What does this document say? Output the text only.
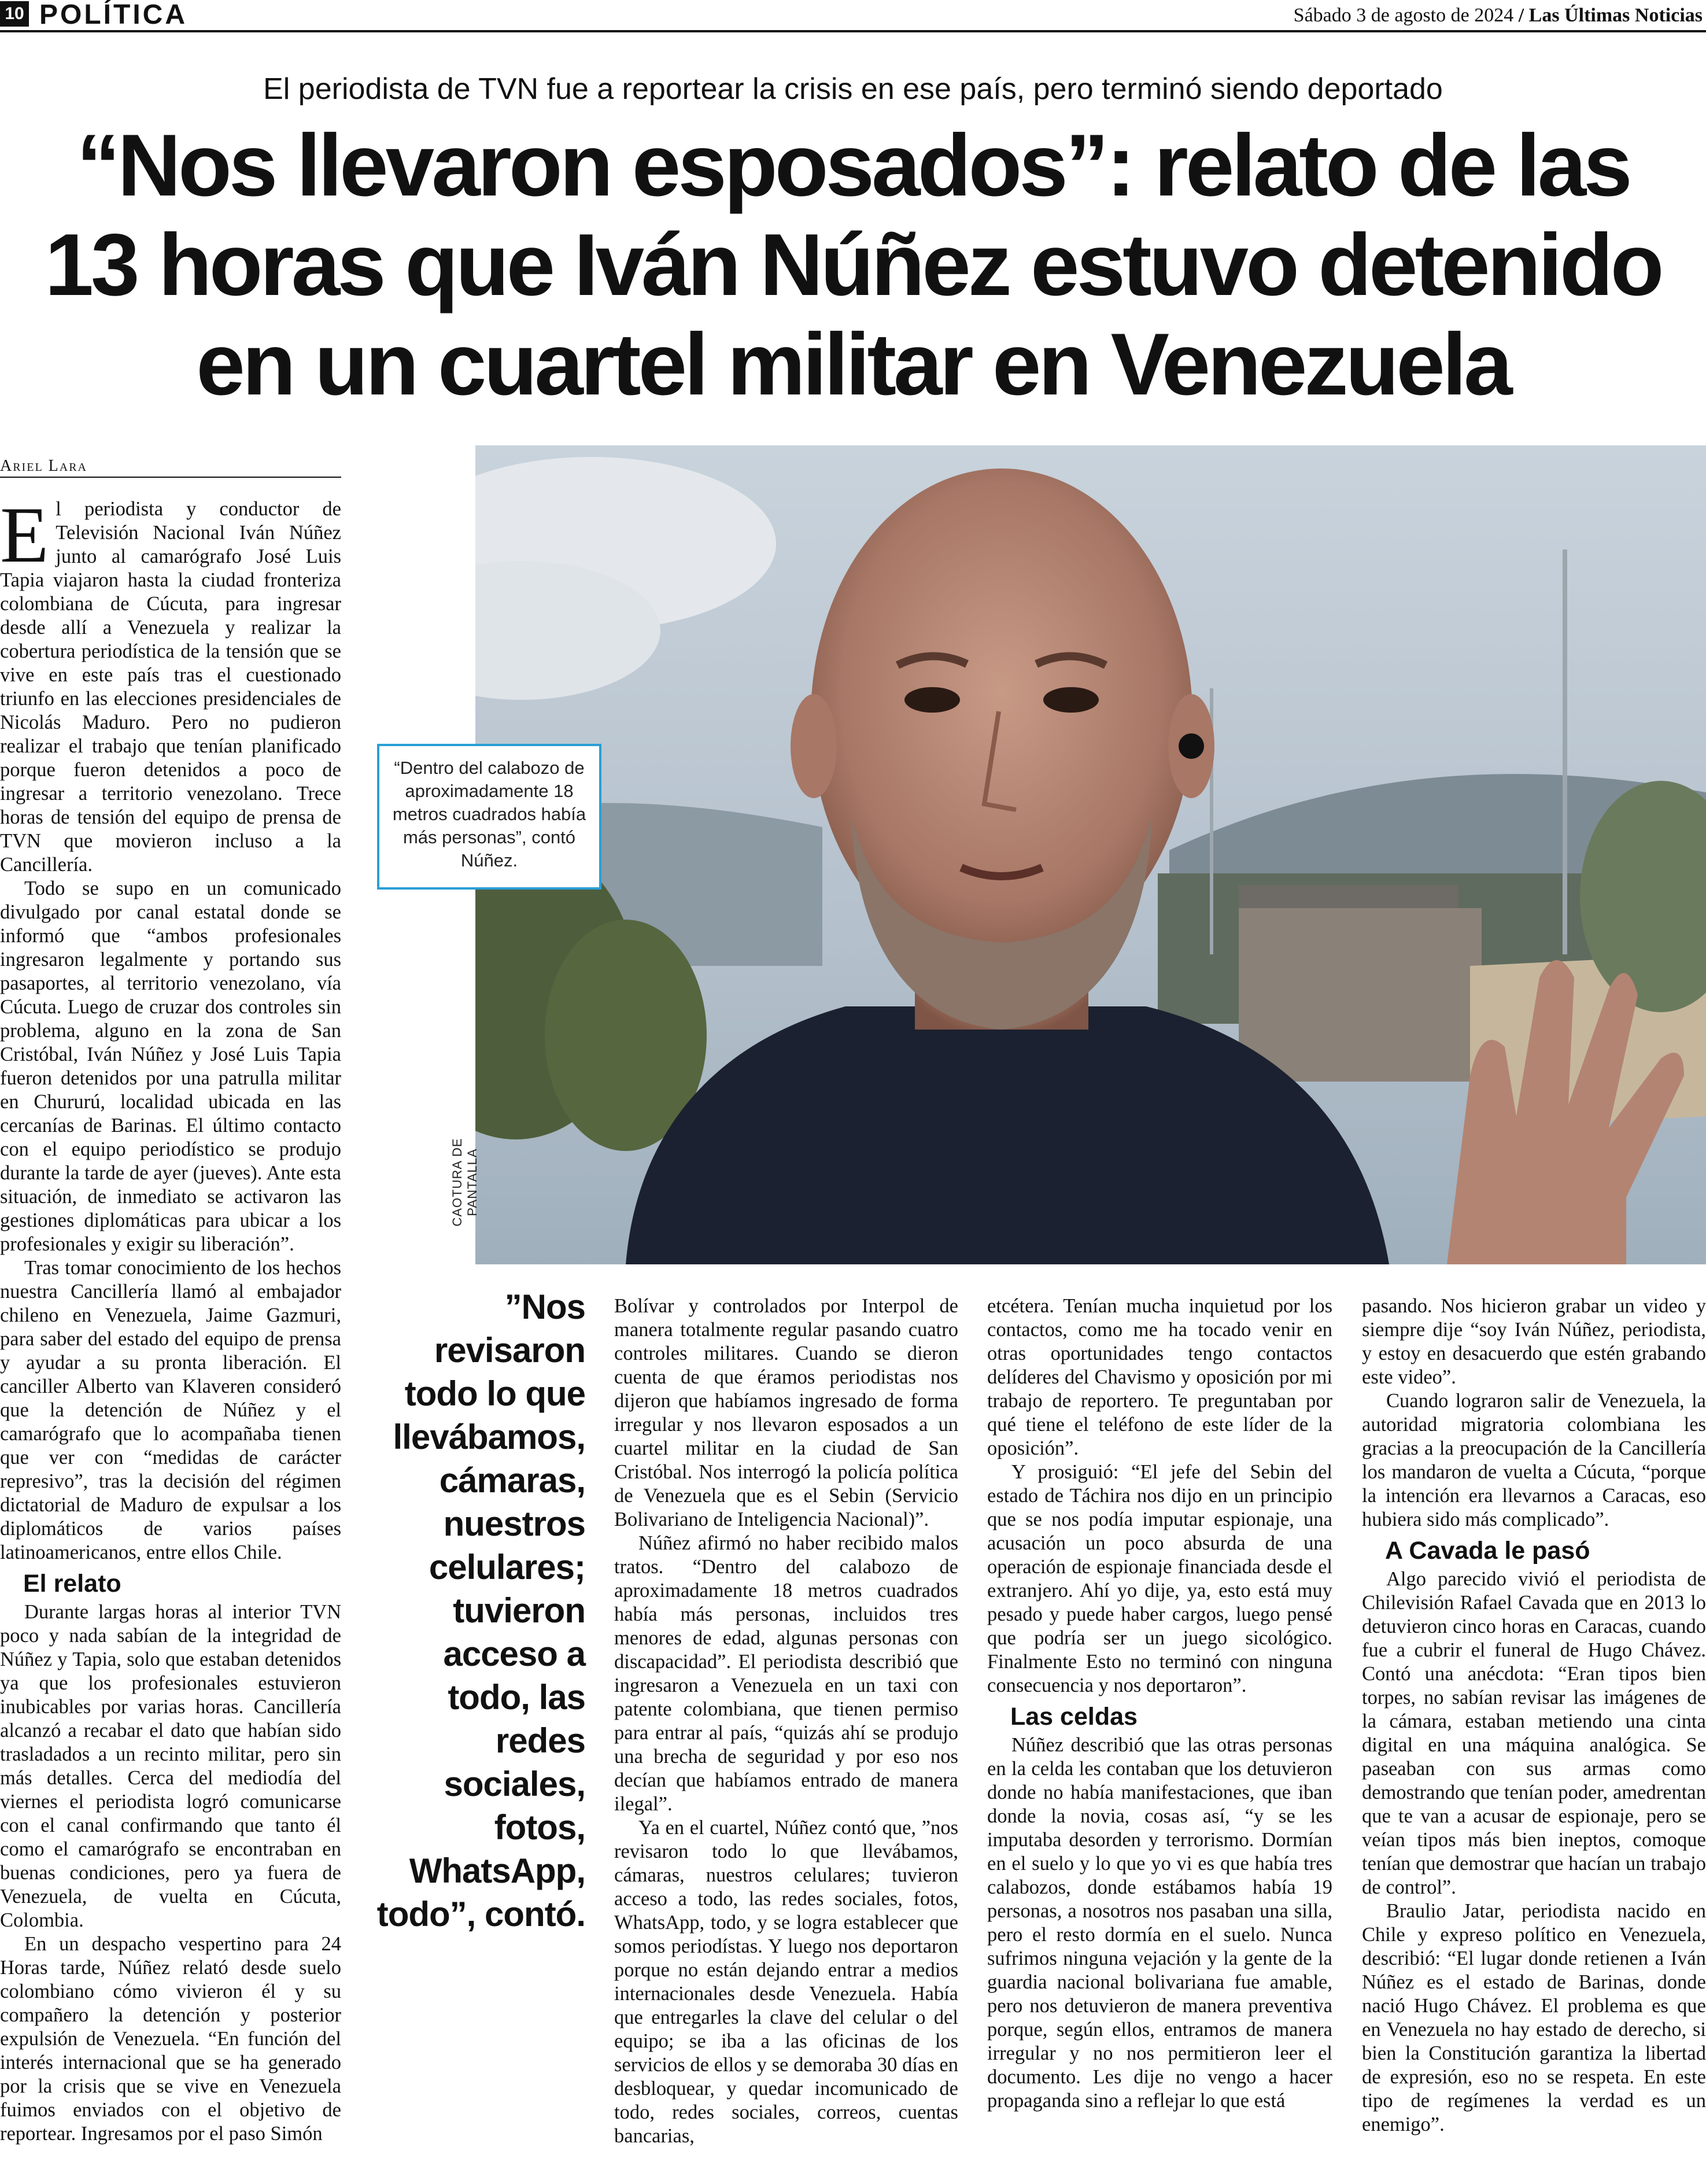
10 POLÍTICA	Sábado 3 de agosto de 2024 / Las Últimas Noticias
El periodista de TVN fue a reportear la crisis en ese país, pero terminó siendo deportado
“Nos llevaron esposados”: relato de las 13 horas que Iván Núñez estuvo detenido en un cuartel militar en Venezuela
Ariel Lara

El periodista y conductor de Televisión Nacional Iván Núñez junto al camarógrafo José Luis Tapia viajaron hasta la ciudad fronteriza colombiana de Cúcuta, para ingresar desde allí a Venezuela y realizar la cobertura periodística de la tensión que se vive en este país tras el cuestionado triunfo en las elecciones presidenciales de Nicolás Maduro. Pero no pudieron realizar el trabajo que tenían planificado porque fueron detenidos a poco de ingresar a territorio venezolano. Trece horas de tensión del equipo de prensa de TVN que movieron incluso a la Cancillería.

Todo se supo en un comunicado divulgado por canal estatal donde se informó que “ambos profesionales ingresaron legalmente y portando sus pasaportes, al territorio venezolano, vía Cúcuta. Luego de cruzar dos controles sin problema, alguno en la zona de San Cristóbal, Iván Núñez y José Luis Tapia fueron detenidos por una patrulla militar en Chururú, localidad ubicada en las cercanías de Barinas. El último contacto con el equipo periodístico se produjo durante la tarde de ayer (jueves). Ante esta situación, de inmediato se activaron las gestiones diplomáticas para ubicar a los profesionales y exigir su liberación”.

Tras tomar conocimiento de los hechos nuestra Cancillería llamó al embajador chileno en Venezuela, Jaime Gazmuri, para saber del estado del equipo de prensa y ayudar a su pronta liberación. El canciller Alberto van Klaveren consideró que la detención de Núñez y el camarógrafo que lo acompañaba tienen que ver con “medidas de carácter represivo”, tras la decisión del régimen dictatorial de Maduro de expulsar a los diplomáticos de varios países latinoamericanos, entre ellos Chile.

El relato

Durante largas horas al interior TVN poco y nada sabían de la integridad de Núñez y Tapia, solo que estaban detenidos ya que los profesionales estuvieron inubicables por varias horas. Cancillería alcanzó a recabar el dato que habían sido trasladados a un recinto militar, pero sin más detalles. Cerca del mediodía del viernes el periodista logró comunicarse con el canal confirmando que tanto él como el camarógrafo se encontraban en buenas condiciones, pero ya fuera de Venezuela, de vuelta en Cúcuta, Colombia.

En un despacho vespertino para 24 Horas tarde, Núñez relató desde suelo colombiano cómo vivieron él y su compañero la detención y posterior expulsión de Venezuela. “En función del interés internacional que se ha generado por la crisis que se vive en Venezuela fuimos enviados con el objetivo de reportear. Ingresamos por el paso Simón

CAOTURA DE PANTALLA
“Dentro del calabozo de aproximadamente 18 metros cuadrados había más personas”, contó Núñez.
”Nos revisaron todo lo que llevábamos, cámaras, nuestros celulares; tuvieron acceso a todo, las redes sociales, fotos, WhatsApp, todo”, contó.

Bolívar y controlados por Interpol de manera totalmente regular pasando cuatro controles militares. Cuando se dieron cuenta de que éramos periodistas nos dijeron que habíamos ingresado de forma irregular y nos llevaron esposados a un cuartel militar en la ciudad de San Cristóbal. Nos interrogó la policía política de Venezuela que es el Sebin (Servicio Bolivariano de Inteligencia Nacional)”.

Núñez afirmó no haber recibido malos tratos. “Dentro del calabozo de aproximadamente 18 metros cuadrados había más personas, incluidos tres menores de edad, algunas personas con discapacidad”. El periodista describió que ingresaron a Venezuela en un taxi con patente colombiana, que tienen permiso para entrar al país, “quizás ahí se produjo una brecha de seguridad y por eso nos decían que habíamos entrado de manera ilegal”.

Ya en el cuartel, Núñez contó que, ”nos revisaron todo lo que llevábamos, cámaras, nuestros celulares; tuvieron acceso a todo, las redes sociales, fotos, WhatsApp, todo, y se logra establecer que somos periodístas. Y luego nos deportaron porque no están dejando entrar a medios internacionales desde Venezuela. Había que entregarles la clave del celular o del equipo; se iba a las oficinas de los servicios de ellos y se demoraba 30 días en desbloquear, y quedar incomunicado de todo, redes sociales, correos, cuentas bancarias,

etcétera. Tenían mucha inquietud por los contactos, como me ha tocado venir en otras oportunidades tengo contactos delíderes del Chavismo y oposición por mi trabajo de reportero. Te preguntaban por qué tiene el teléfono de este líder de la oposición”.

Y prosiguió: “El jefe del Sebin del estado de Táchira nos dijo en un principio que se nos podía imputar espionaje, una acusación un poco absurda de una operación de espionaje financiada desde el extranjero. Ahí yo dije, ya, esto está muy pesado y puede haber cargos, luego pensé que podría ser un juego sicológico. Finalmente Esto no terminó con ninguna consecuencia y nos deportaron”.

Las celdas

Núñez describió que las otras personas en la celda les contaban que los detuvieron donde no había manifestaciones, que iban donde la novia, cosas así, “y se les imputaba desorden y terrorismo. Dormían en el suelo y lo que yo vi es que había tres calabozos, donde estábamos había 19 personas, a nosotros nos pasaban una silla, pero el resto dormía en el suelo. Nunca sufrimos ninguna vejación y la gente de la guardia nacional bolivariana fue amable, pero nos detuvieron de manera preventiva porque, según ellos, entramos de manera irregular y no nos permitieron leer el documento. Les dije no vengo a hacer propaganda sino a reflejar lo que está

pasando. Nos hicieron grabar un video y siempre dije “soy Iván Núñez, periodista, y estoy en desacuerdo que estén grabando este video”.

Cuando lograron salir de Venezuela, la autoridad migratoria colombiana les gracias a la preocupación de la Cancillería los mandaron de vuelta a Cúcuta, “porque la intención era llevarnos a Caracas, eso hubiera sido más complicado”.

A Cavada le pasó

Algo parecido vivió el periodista de Chilevisión Rafael Cavada que en 2013 lo detuvieron cinco horas en Caracas, cuando fue a cubrir el funeral de Hugo Chávez. Contó una anécdota: “Eran tipos bien torpes, no sabían revisar las imágenes de la cámara, estaban metiendo una cinta digital en una máquina analógica. Se paseaban con sus armas como demostrando que tenían poder, amedrentan que te van a acusar de espionaje, pero se veían tipos más bien ineptos, comoque tenían que demostrar que hacían un trabajo de control”.

Braulio Jatar, periodista nacido en Chile y expreso político en Venezuela, describió: “El lugar donde retienen a Iván Núñez es el estado de Barinas, donde nació Hugo Chávez. El problema es que en Venezuela no hay estado de derecho, si bien la Constitución garantiza la libertad de expresión, eso no se respeta. En este tipo de regímenes la verdad es un enemigo”.
